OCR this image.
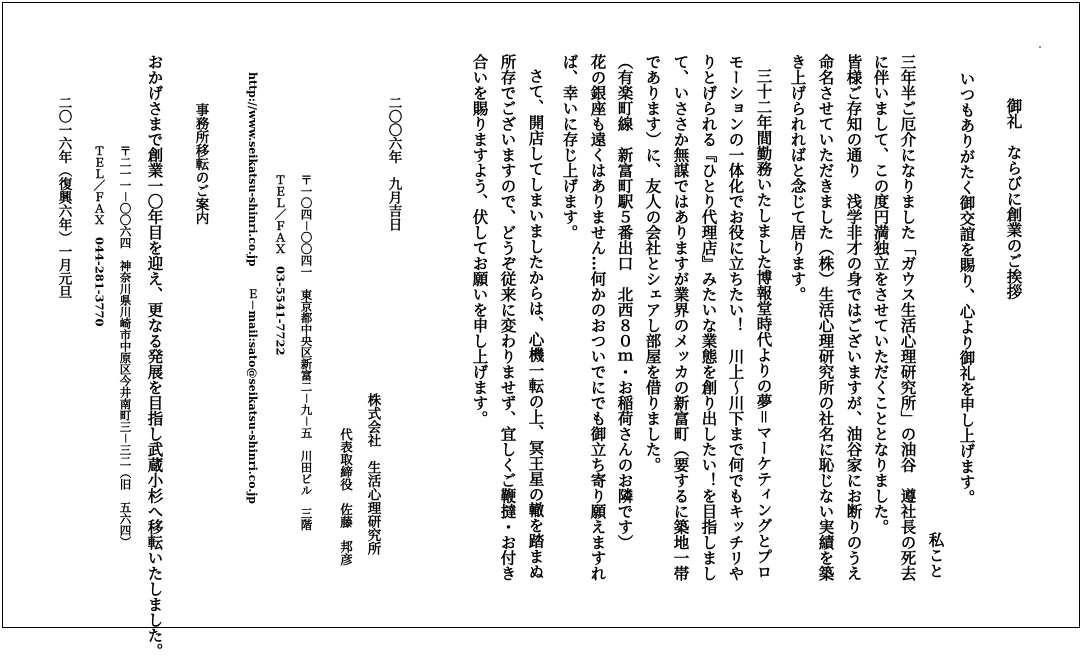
御礼　ならびに創業のご挨拶
いつもありがたく御交誼を賜り、心より御礼を申し上げます。
私こと
三年半ご厄介になりました「ガウス生活心理研究所」の油谷　遵社長の死去
に伴いまして、この度円満独立をさせていただくこととなりました。
皆様ご存知の通り　浅学非才の身ではございますが、油谷家にお断りのうえ
命名させていただきました（株）生活心理研究所の社名に恥じない実績を築
き上げられればと念じて居ります。
三十二年間勤務いたしました博報堂時代よりの夢＝マーケティングとプロ
モーションの一体化でお役に立ちたい！　川上～川下まで何でもキッチリや
りとげられる『ひとり代理店』みたいな業態を創り出したい！を目指しまし
て、いささか無謀ではありますが業界のメッカの新富町（要するに築地一帯
であります）に、友人の会社とシェアし部屋を借りました。
（有楽町線　新富町駅５番出口　北西８０ｍ・お稲荷さんのお隣です）
花の銀座も遠くはありません…何かのおついでにでも御立ち寄り願えますれ
ば、幸いに存じ上げます。
さて、開店してしまいましたからは、心機一転の上、冥王星の轍を踏まぬ
所存でございますので、どうぞ従来に変わりませず、宜しくご鞭撻・お付き
合いを賜りますよう、伏してお願いを申し上げます。
株式会社　生活心理研究所
代表取締役　佐藤　邦彦
二〇〇六年　九月吉日
〒一〇四－〇〇四一　東京都中央区新富二－九－五　川田ビル　三階
ＴＥＬ／ＦＡＸ　03-5541-7722
http://www.seikatsu-shinri.co.jp　　Ｅ－mail:sato@seikatsu-shinri.co.jp
事務所移転のご案内
おかげさまで創業一〇年目を迎え、更なる発展を目指し武蔵小杉へ移転いたしました。
〒二一一－〇〇六四　神奈川県川崎市中原区今井南町三－三二（旧　五六四）
ＴＥＬ／ＦＡＸ　044-281-3770
二〇一六年（復興六年）一月元旦
